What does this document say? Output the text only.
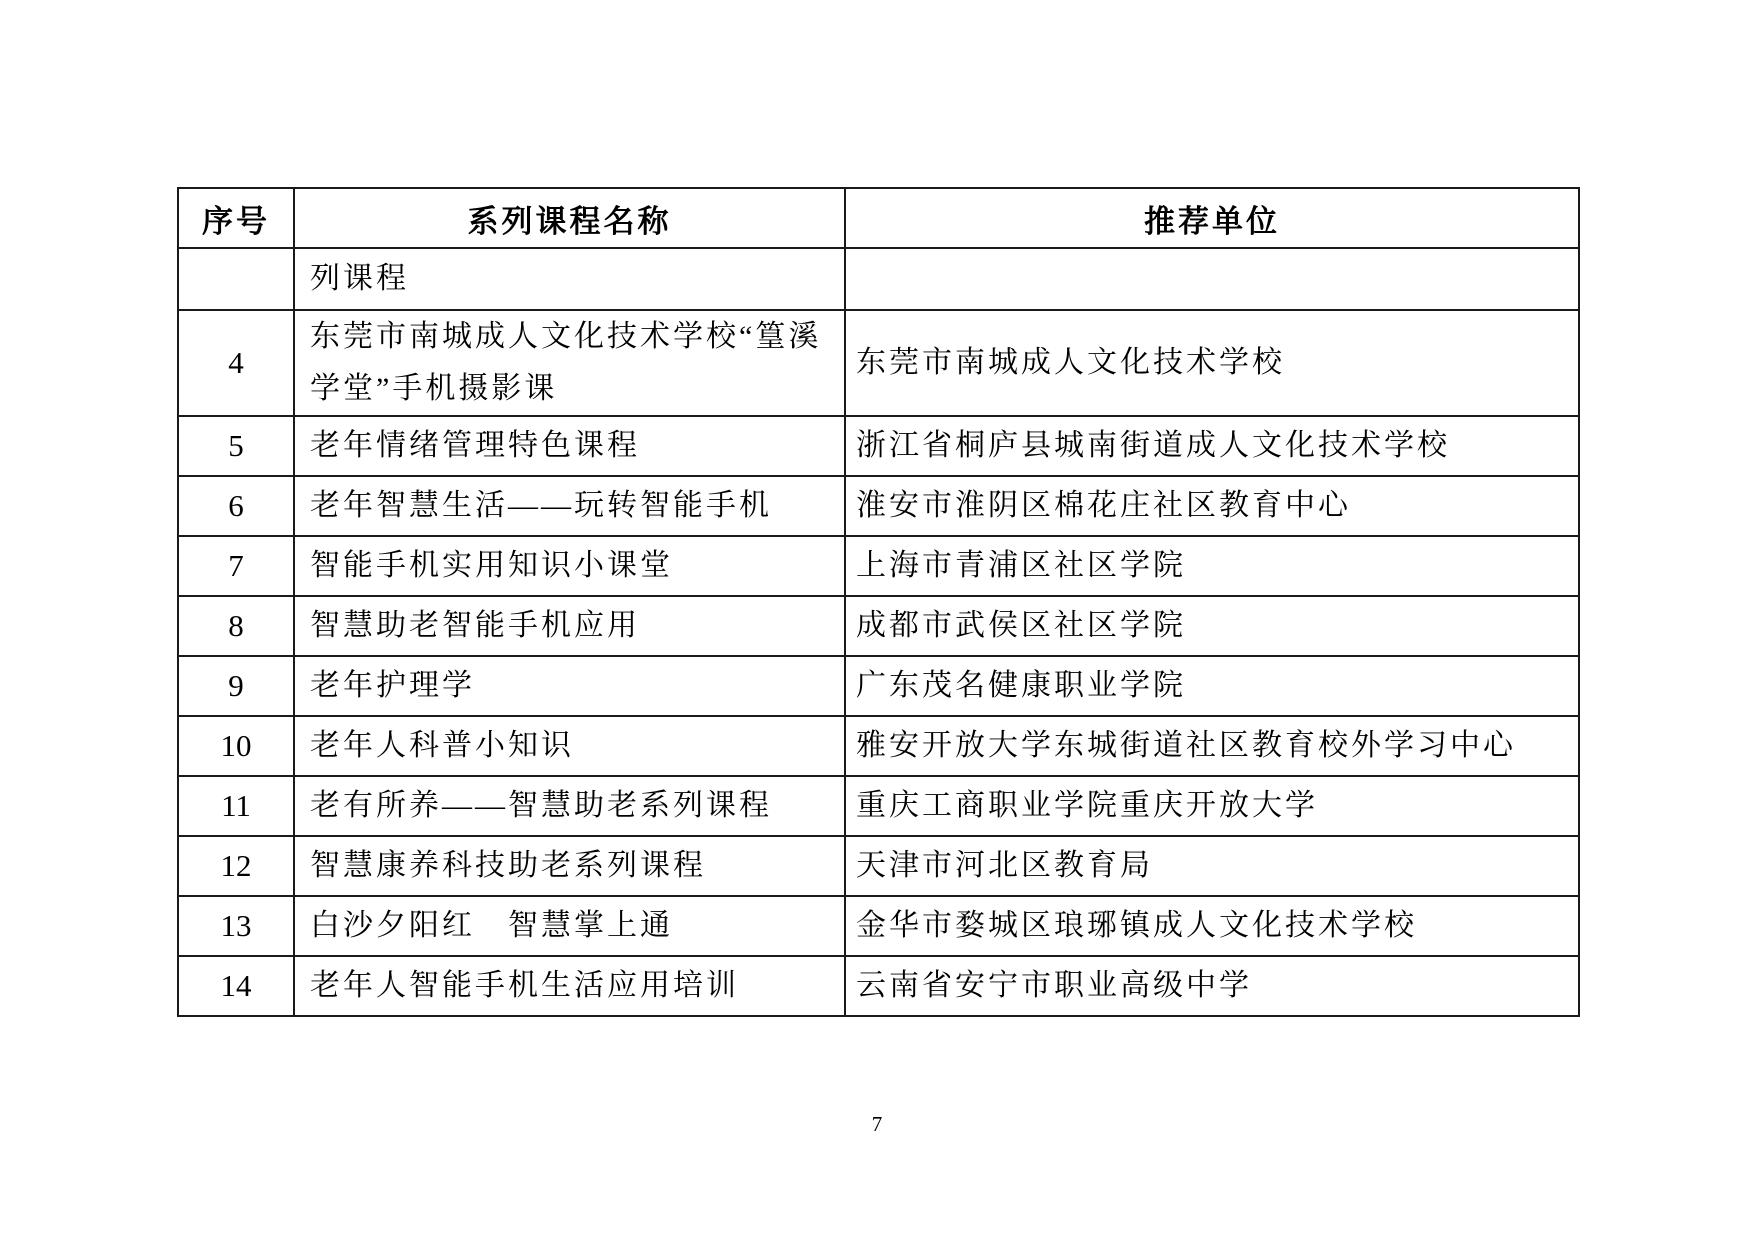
序号	系列课程名称	推荐单位
	列课程	
4	东莞市南城成人文化技术学校“篁溪学堂”手机摄影课	东莞市南城成人文化技术学校
5	老年情绪管理特色课程	浙江省桐庐县城南街道成人文化技术学校
6	老年智慧生活——玩转智能手机	淮安市淮阴区棉花庄社区教育中心
7	智能手机实用知识小课堂	上海市青浦区社区学院
8	智慧助老智能手机应用	成都市武侯区社区学院
9	老年护理学	广东茂名健康职业学院
10	老年人科普小知识	雅安开放大学东城街道社区教育校外学习中心
11	老有所养——智慧助老系列课程	重庆工商职业学院重庆开放大学
12	智慧康养科技助老系列课程	天津市河北区教育局
13	白沙夕阳红　智慧掌上通	金华市婺城区琅琊镇成人文化技术学校
14	老年人智能手机生活应用培训	云南省安宁市职业高级中学
7
